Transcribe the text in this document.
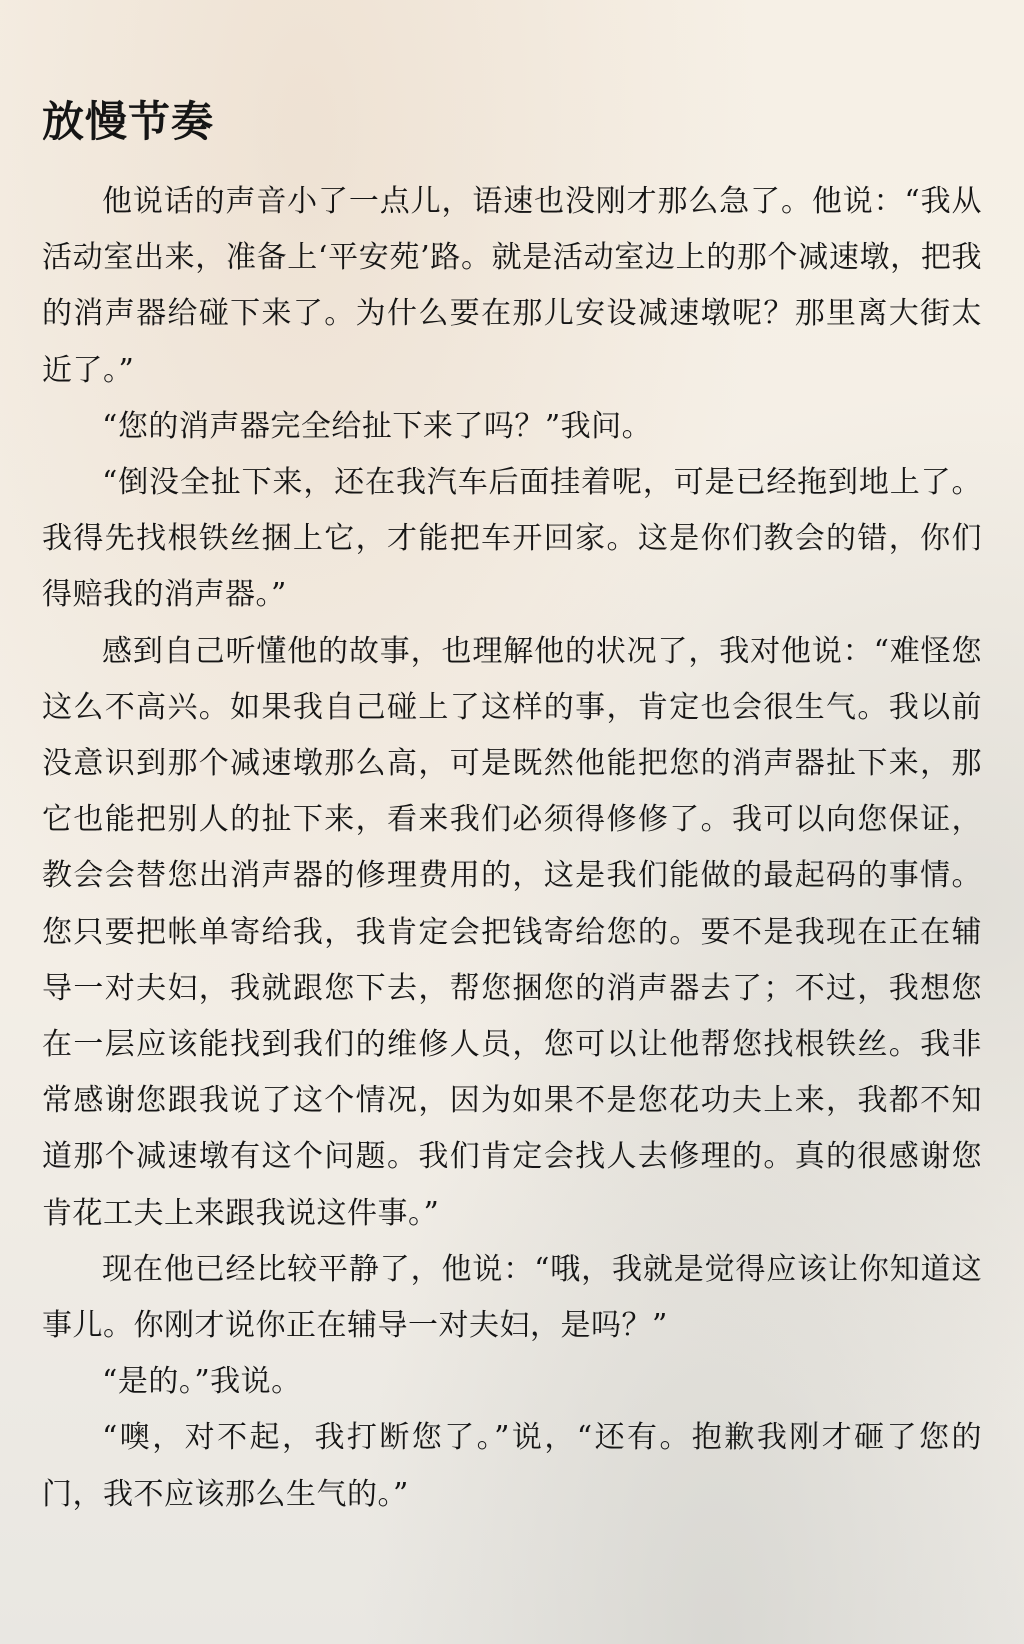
放慢节奏

他说话的声音小了一点儿，语速也没刚才那么急了。他说：“我从活动室出来，准备上‘平安苑’路。就是活动室边上的那个减速墩，把我的消声器给碰下来了。为什么要在那儿安设减速墩呢？那里离大街太近了。”

“您的消声器完全给扯下来了吗？”我问。

“倒没全扯下来，还在我汽车后面挂着呢，可是已经拖到地上了。我得先找根铁丝捆上它，才能把车开回家。这是你们教会的错，你们得赔我的消声器。”

感到自己听懂他的故事，也理解他的状况了，我对他说：“难怪您这么不高兴。如果我自己碰上了这样的事，肯定也会很生气。我以前没意识到那个减速墩那么高，可是既然他能把您的消声器扯下来，那它也能把别人的扯下来，看来我们必须得修修了。我可以向您保证，教会会替您出消声器的修理费用的，这是我们能做的最起码的事情。您只要把帐单寄给我，我肯定会把钱寄给您的。要不是我现在正在辅导一对夫妇，我就跟您下去，帮您捆您的消声器去了；不过，我想您在一层应该能找到我们的维修人员，您可以让他帮您找根铁丝。我非常感谢您跟我说了这个情况，因为如果不是您花功夫上来，我都不知道那个减速墩有这个问题。我们肯定会找人去修理的。真的很感谢您肯花工夫上来跟我说这件事。”

现在他已经比较平静了，他说：“哦，我就是觉得应该让你知道这事儿。你刚才说你正在辅导一对夫妇，是吗？”

“是的。”我说。

“噢，对不起，我打断您了。”说，“还有。抱歉我刚才砸了您的门，我不应该那么生气的。”
